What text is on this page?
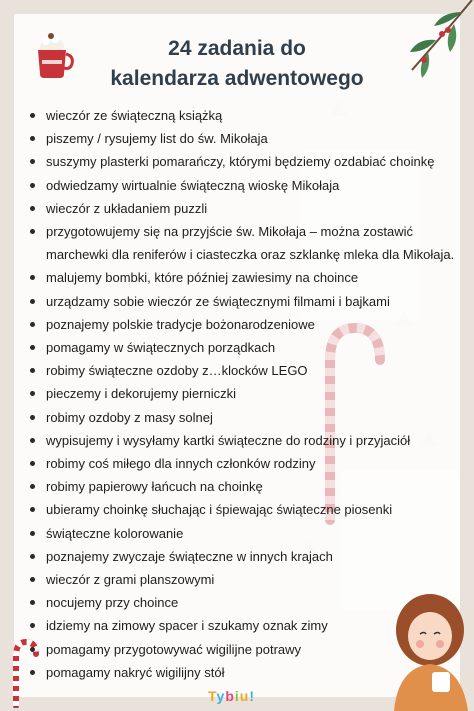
24 zadania do
kalendarza adwentowego
wieczór ze świąteczną książką
piszemy / rysujemy list do św. Mikołaja
suszymy plasterki pomarańczy, którymi będziemy ozdabiać choinkę
odwiedzamy wirtualnie świąteczną wioskę Mikołaja
wieczór z układaniem puzzli
przygotowujemy się na przyjście św. Mikołaja – można zostawić
marchewki dla reniferów i ciasteczka oraz szklankę mleka dla Mikołaja.
malujemy bombki, które później zawiesimy na choince
urządzamy sobie wieczór ze świątecznymi filmami i bajkami
poznajemy polskie tradycje bożonarodzeniowe
pomagamy w świątecznych porządkach
robimy świąteczne ozdoby z…klocków LEGO
pieczemy i dekorujemy pierniczki
robimy ozdoby z masy solnej
wypisujemy i wysyłamy kartki świąteczne do rodziny i przyjaciół
robimy coś miłego dla innych członków rodziny
robimy papierowy łańcuch na choinkę
ubieramy choinkę słuchając i śpiewając świąteczne piosenki
świąteczne kolorowanie
poznajemy zwyczaje świąteczne w innych krajach
wieczór z grami planszowymi
nocujemy przy choince
idziemy na zimowy spacer i szukamy oznak zimy
pomagamy przygotowywać wigilijne potrawy
pomagamy nakryć wigilijny stół
Tybiu!
